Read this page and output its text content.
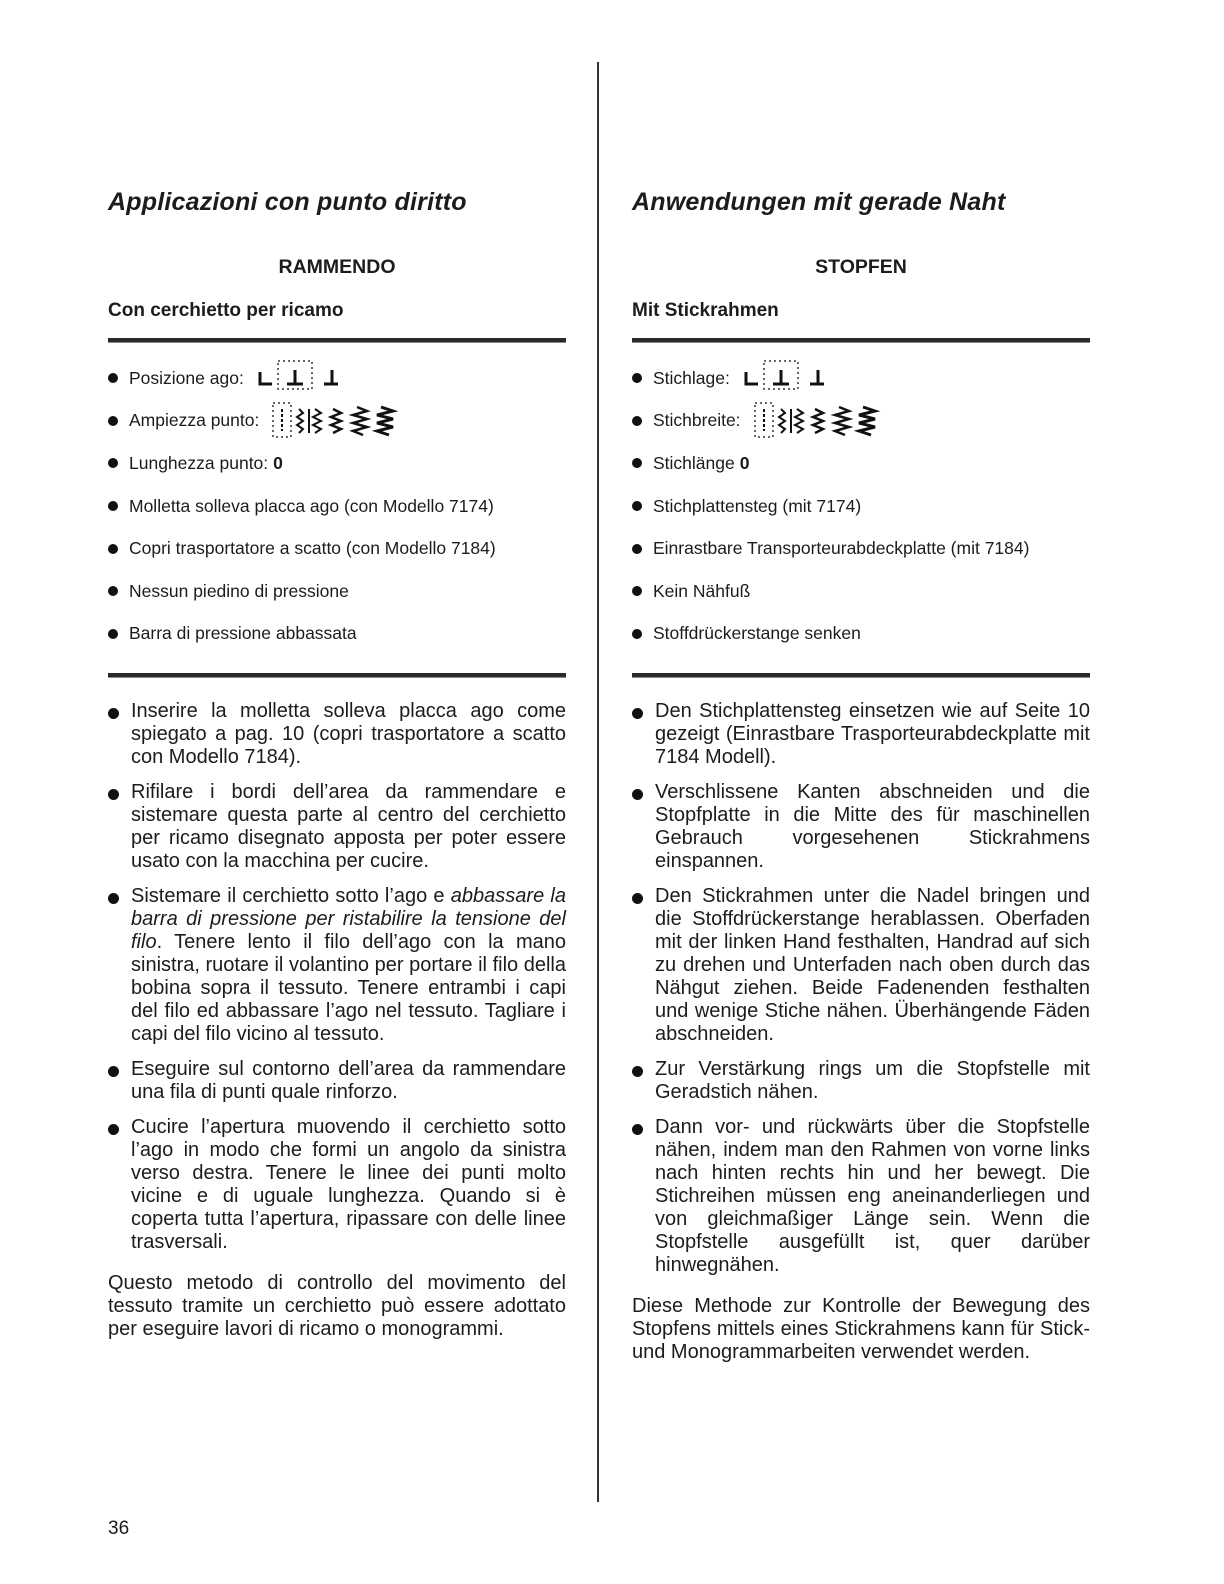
Applicazioni con punto diritto
RAMMENDO
Con cerchietto per ricamo
Posizione ago:
Ampiezza punto:
Lunghezza punto: 0
Molletta solleva placca ago (con Modello 7174)
Copri trasportatore a scatto (con Modello 7184)
Nessun piedino di pressione
Barra di pressione abbassata
Inserire la molletta solleva placca ago come spiegato a pag. 10 (copri trasportatore a scatto con Modello 7184).
Rifilare i bordi dell’area da rammendare e sistemare questa parte al centro del cerchietto per ricamo disegnato apposta per poter essere usato con la macchina per cucire.
Sistemare il cerchietto sotto l’ago e abbassare la barra di pressione per ristabilire la tensione del filo. Tenere lento il filo dell’ago con la mano sinistra, ruotare il volantino per portare il filo della bobina sopra il tessuto. Tenere entrambi i capi del filo ed abbassare l’ago nel tessuto. Tagliare i capi del filo vicino al tessuto.
Eseguire sul contorno dell’area da rammendare una fila di punti quale rinforzo.
Cucire l’apertura muovendo il cerchietto sotto l’ago in modo che formi un angolo da sinistra verso destra. Tenere le linee dei punti molto vicine e di uguale lunghezza. Quando si è coperta tutta l’apertura, ripassare con delle linee trasversali.

Questo metodo di controllo del movimento del tessuto tramite un cerchietto può essere adottato per eseguire lavori di ricamo o monogrammi.

Anwendungen mit gerade Naht
STOPFEN
Mit Stickrahmen
Stichlage:
Stichbreite:
Stichlänge 0
Stichplattensteg (mit 7174)
Einrastbare Transporteurabdeckplatte (mit 7184)
Kein Nähfuß
Stoffdrückerstange senken
Den Stichplattensteg einsetzen wie auf Seite 10 gezeigt (Einrastbare Trasporteurabdeckplatte mit 7184 Modell).
Verschlissene Kanten abschneiden und die Stopfplatte in die Mitte des für maschinellen Gebrauch vorgesehenen Stickrahmens einspannen.
Den Stickrahmen unter die Nadel bringen und die Stoffdrückerstange herablassen. Oberfaden mit der linken Hand festhalten, Handrad auf sich zu drehen und Unterfaden nach oben durch das Nähgut ziehen. Beide Fadenenden festhalten und wenige Stiche nähen. Überhängende Fäden abschneiden.
Zur Verstärkung rings um die Stopfstelle mit Geradstich nähen.
Dann vor- und rückwärts über die Stopfstelle nähen, indem man den Rahmen von vorne links nach hinten rechts hin und her bewegt. Die Stichreihen müssen eng aneinanderliegen und von gleichmaßiger Länge sein. Wenn die Stopfstelle ausgefüllt ist, quer darüber hinwegnähen.

Diese Methode zur Kontrolle der Bewegung des Stopfens mittels eines Stickrahmens kann für Stick- und Monogrammarbeiten verwendet werden.

36
